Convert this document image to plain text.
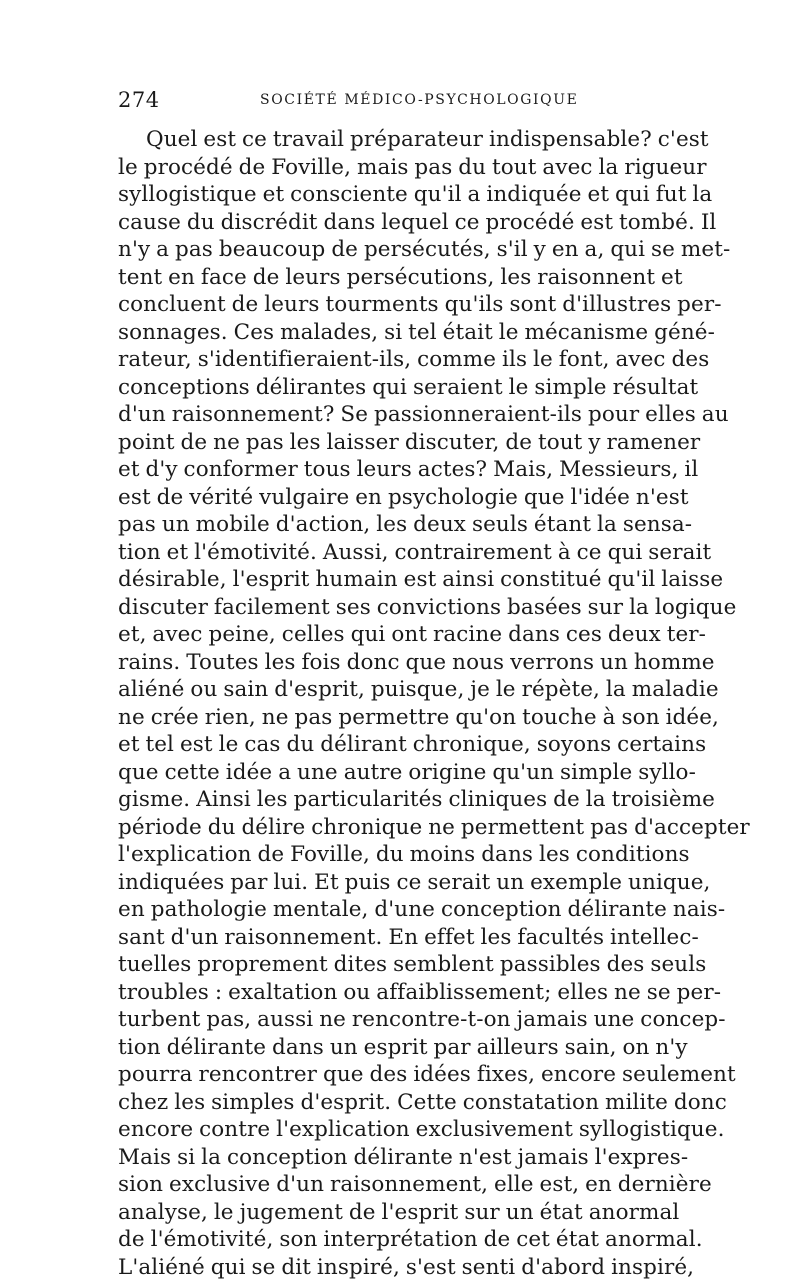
274	SOCIÉTÉ MÉDICO-PSYCHOLOGIQUE
Quel est ce travail préparateur indispensable? c'est
le procédé de Foville, mais pas du tout avec la rigueur
syllogistique et consciente qu'il a indiquée et qui fut la
cause du discrédit dans lequel ce procédé est tombé. Il
n'y a pas beaucoup de persécutés, s'il y en a, qui se met-
tent en face de leurs persécutions, les raisonnent et
concluent de leurs tourments qu'ils sont d'illustres per-
sonnages. Ces malades, si tel était le mécanisme géné-
rateur, s'identifieraient-ils, comme ils le font, avec des
conceptions délirantes qui seraient le simple résultat
d'un raisonnement? Se passionneraient-ils pour elles au
point de ne pas les laisser discuter, de tout y ramener
et d'y conformer tous leurs actes? Mais, Messieurs, il
est de vérité vulgaire en psychologie que l'idée n'est
pas un mobile d'action, les deux seuls étant la sensa-
tion et l'émotivité. Aussi, contrairement à ce qui serait
désirable, l'esprit humain est ainsi constitué qu'il laisse
discuter facilement ses convictions basées sur la logique
et, avec peine, celles qui ont racine dans ces deux ter-
rains. Toutes les fois donc que nous verrons un homme
aliéné ou sain d'esprit, puisque, je le répète, la maladie
ne crée rien, ne pas permettre qu'on touche à son idée,
et tel est le cas du délirant chronique, soyons certains
que cette idée a une autre origine qu'un simple syllo-
gisme. Ainsi les particularités cliniques de la troisième
période du délire chronique ne permettent pas d'accepter
l'explication de Foville, du moins dans les conditions
indiquées par lui. Et puis ce serait un exemple unique,
en pathologie mentale, d'une conception délirante nais-
sant d'un raisonnement. En effet les facultés intellec-
tuelles proprement dites semblent passibles des seuls
troubles : exaltation ou affaiblissement; elles ne se per-
turbent pas, aussi ne rencontre-t-on jamais une concep-
tion délirante dans un esprit par ailleurs sain, on n'y
pourra rencontrer que des idées fixes, encore seulement
chez les simples d'esprit. Cette constatation milite donc
encore contre l'explication exclusivement syllogistique.
Mais si la conception délirante n'est jamais l'expres-
sion exclusive d'un raisonnement, elle est, en dernière
analyse, le jugement de l'esprit sur un état anormal
de l'émotivité, son interprétation de cet état anormal.
L'aliéné qui se dit inspiré, s'est senti d'abord inspiré,
